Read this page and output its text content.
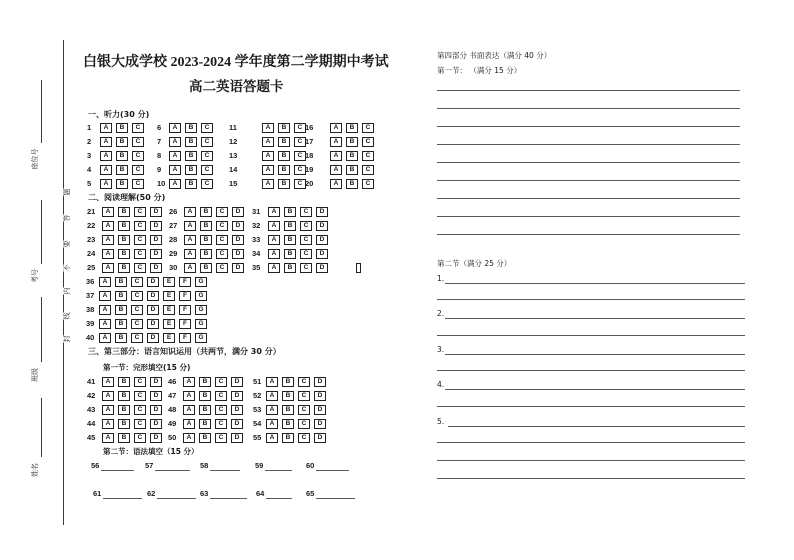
座位号
考号
班级
姓名
白银大成学校 2023-2024 学年度第二学期期中考试
高二英语答题卡
一、听力(30 分)
二、阅读理解(50 分)
三、第三部分：语言知识运用（共两节，满分 30 分）
第一节：完形填空(15 分)
第二节：语法填空（15 分）
第四部分 书面表达（满分 40 分）
第一节： （满分 15 分）
第二节（满分 25 分）
1	A	B	C	6	A	B	C	11	A	B	C 16	A	B	C
2	A	B	C	7	A	B	C	12	A	B	C 17	A	B	C
3	A	B	C	8	A	B	C	13	A	B	C 18	A	B	C
4	A	B	C	9	A	B	C	14	A	B	C 19	A	B	C
5	A	B	C	10	A	B	C	15	A	B	C 20	A	B	C
21	A	B	C	D	26	A	B	C	D	31	A	B	C	D
22	A	B	C	D	27	A	B	C	D	32	A	B	C	D
23	A	B	C	D	28	A	B	C	D	33	A	B	C	D
24	A	B	C	D	29	A	B	C	D	34	A	B	C	D
25	A	B	C	D	30	A	B	C	D	35	A	B	C	D
36	A	B	C	D	E	F	G
37	A	B	C	D	E	F	G
38	A	B	C	D	E	F	G
39	A	B	C	D	E	F	G
40	A	B	C	D	E	F	G
41	A	B	C	D	46	A	B	C	D	51	A	B	C	D
42	A	B	C	D	47	A	B	C	D	52	A	B	C	D
43	A	B	C	D	48	A	B	C	D	53	A	B	C	D
44	A	B	C	D	49	A	B	C	D	54	A	B	C	D
45	A	B	C	D	50	A	B	C	D	55	A	B	C	D
56	57	58	59	60
61	62	63	64	65
题
答
要
不
内
线
封
1.
2.
3.
4.
5.
